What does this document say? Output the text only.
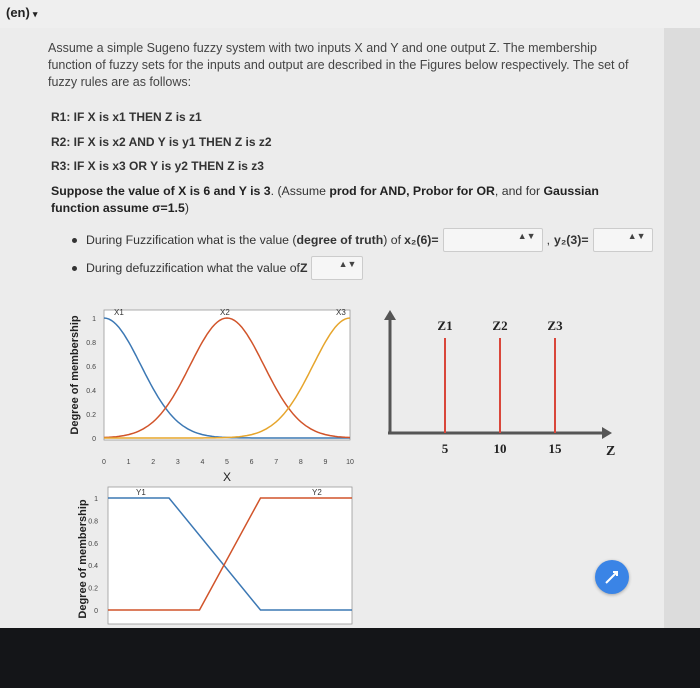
(en) ▾
Assume a simple Sugeno fuzzy system with two inputs X and Y and one output Z. The membership function of fuzzy sets for the inputs and output are described in the Figures below respectively. The set of fuzzy rules are as follows:
R1: IF X is x1 THEN Z is z1
R2: IF X is x2 AND Y is y1 THEN Z is z2
R3: IF X is x3 OR Y is y2 THEN Z is z3
Suppose the value of X is 6 and Y is 3. (Assume prod for AND, Probor for OR, and for Gaussian function assume σ=1.5)
During Fuzzification what is the value ( degree of truth ) of x₂(6)=	▲▼ , y₂(3)=	▲▼
During defuzzification what the value of Z	▲▼
Degree of membership 1
0.8
0.6
0.4
0.2
0
0	1	2	3	4	5	6	7	8	9	10
X1	X2	X3
X
Z1
5
Z2
10
Z3
15	Z
Degree of membership 1
0.8
0.6
0.4
0.2
0
Y1	Y2
